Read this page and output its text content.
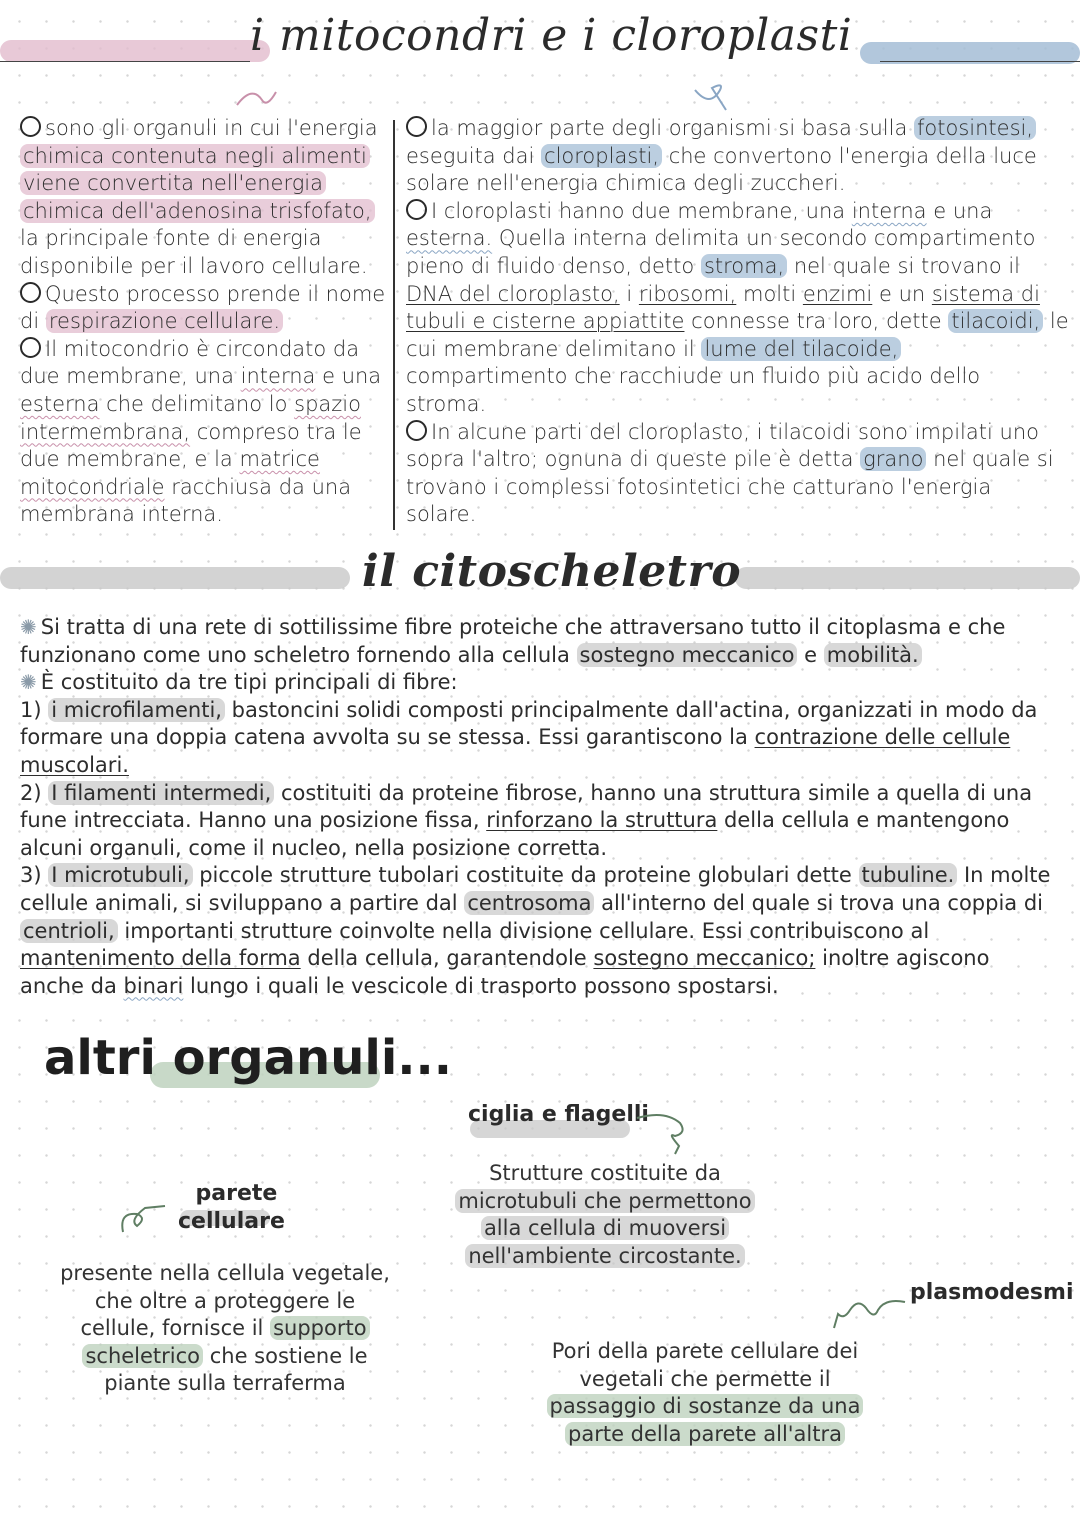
i mitocondri e i cloroplasti

sono gli organuli in cui l'energia

chimica contenuta negli alimenti

viene convertita nell'energia

chimica dell'adenosina trisfofato,

la principale fonte di energia

disponibile per il lavoro cellulare.

Questo processo prende il nome

di respirazione cellulare.

Il mitocondrio è circondato da

due membrane, una interna e una

esterna che delimitano lo spazio

intermembrana, compreso tra le

due membrane, e la matrice

mitocondriale racchiusa da una

membrana interna.

la maggior parte degli organismi si basa sulla fotosintesi,

eseguita dai cloroplasti, che convertono l'energia della luce

solare nell'energia chimica degli zuccheri.

I cloroplasti hanno due membrane, una interna e una

esterna. Quella interna delimita un secondo compartimento

pieno di fluido denso, detto stroma, nel quale si trovano il

DNA del cloroplasto, i ribosomi, molti enzimi e un sistema di

tubuli e cisterne appiattite connesse tra loro, dette tilacoidi, le

cui membrane delimitano il lume del tilacoide,

compartimento che racchiude un fluido più acido dello

stroma.

In alcune parti del cloroplasto, i tilacoidi sono impilati uno

sopra l'altro; ognuna di queste pile è detta grano nel quale si

trovano i complessi fotosintetici che catturano l'energia

solare.

il citoscheletro

✺ Si tratta di una rete di sottilissime fibre proteiche che attraversano tutto il citoplasma e che

funzionano come uno scheletro fornendo alla cellula sostegno meccanico e mobilità.

✺ È costituito da tre tipi principali di fibre:

1) i microfilamenti, bastoncini solidi composti principalmente dall'actina, organizzati in modo da

formare una doppia catena avvolta su se stessa. Essi garantiscono la contrazione delle cellule

muscolari.

2) I filamenti intermedi, costituiti da proteine fibrose, hanno una struttura simile a quella di una

fune intrecciata. Hanno una posizione fissa, rinforzano la struttura della cellula e mantengono

alcuni organuli, come il nucleo, nella posizione corretta.

3) I microtubuli, piccole strutture tubolari costituite da proteine globulari dette tubuline. In molte

cellule animali, si sviluppano a partire dal centrosoma all'interno del quale si trova una coppia di

centrioli, importanti strutture coinvolte nella divisione cellulare. Essi contribuiscono al

mantenimento della forma della cellula, garantendole sostegno meccanico; inoltre agiscono

anche da binari lungo i quali le vescicole di trasporto possono spostarsi.

altri organuli...
ciglia e flagelli

Strutture costituite da

microtubuli che permettono

alla cellula di muoversi

nell'ambiente circostante.

parete

cellulare

presente nella cellula vegetale,

che oltre a proteggere le

cellule, fornisce il supporto

scheletrico che sostiene le

piante sulla terraferma

plasmodesmi

Pori della parete cellulare dei

vegetali che permette il

passaggio di sostanze da una

parte della parete all'altra
